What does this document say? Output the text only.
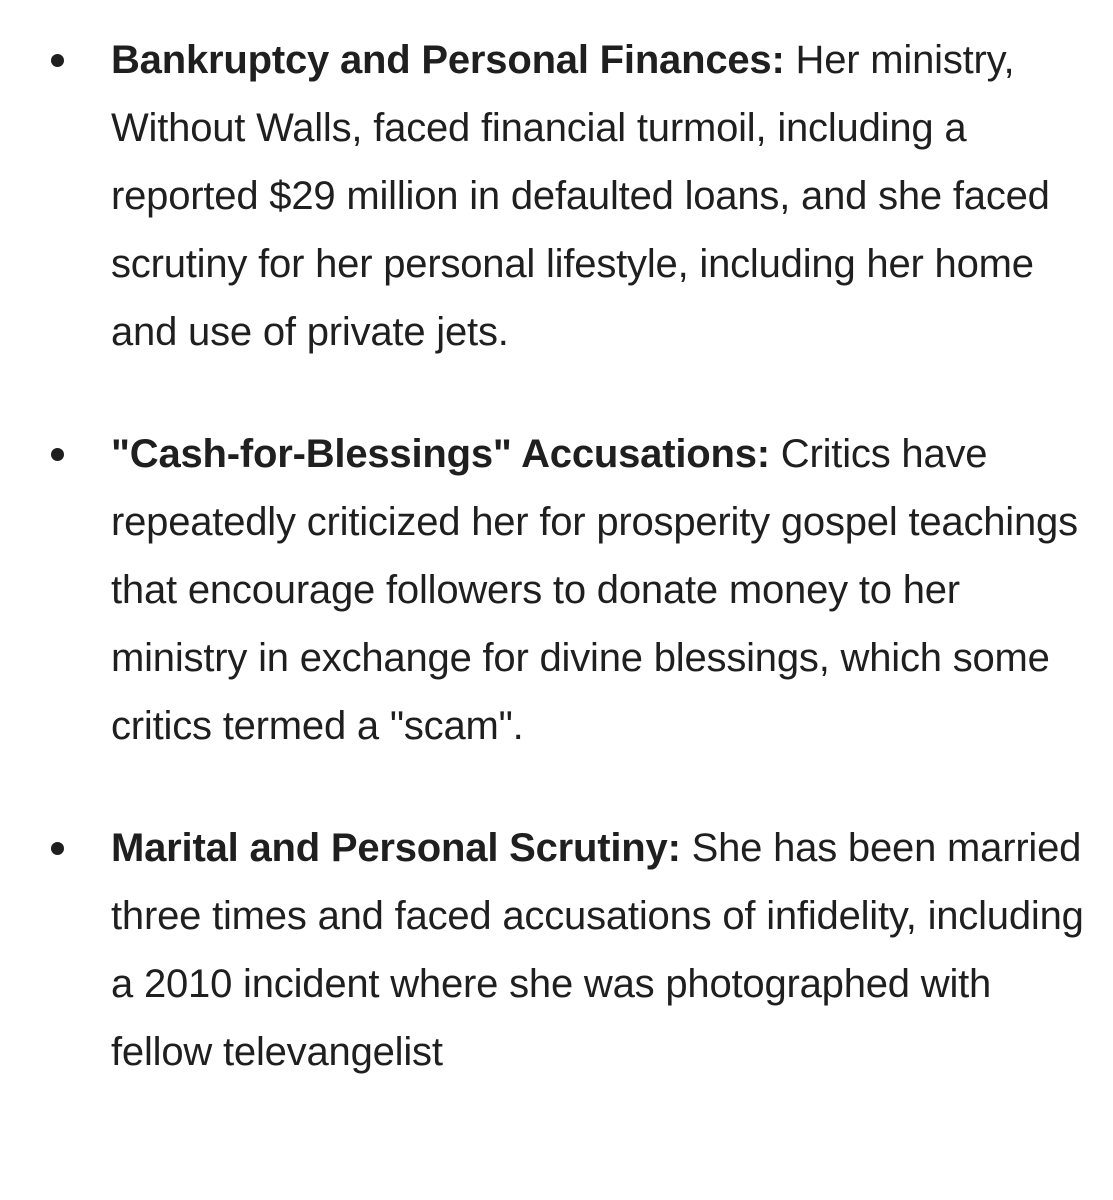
Bankruptcy and Personal Finances: Her ministry, Without Walls, faced financial turmoil, including a reported $29 million in defaulted loans, and she faced scrutiny for her personal lifestyle, including her home and use of private jets.
"Cash-for-Blessings" Accusations: Critics have repeatedly criticized her for prosperity gospel teachings that encourage followers to donate money to her ministry in exchange for divine blessings, which some critics termed a "scam".
Marital and Personal Scrutiny: She has been married three times and faced accusations of infidelity, including a 2010 incident where she was photographed with fellow televangelist
